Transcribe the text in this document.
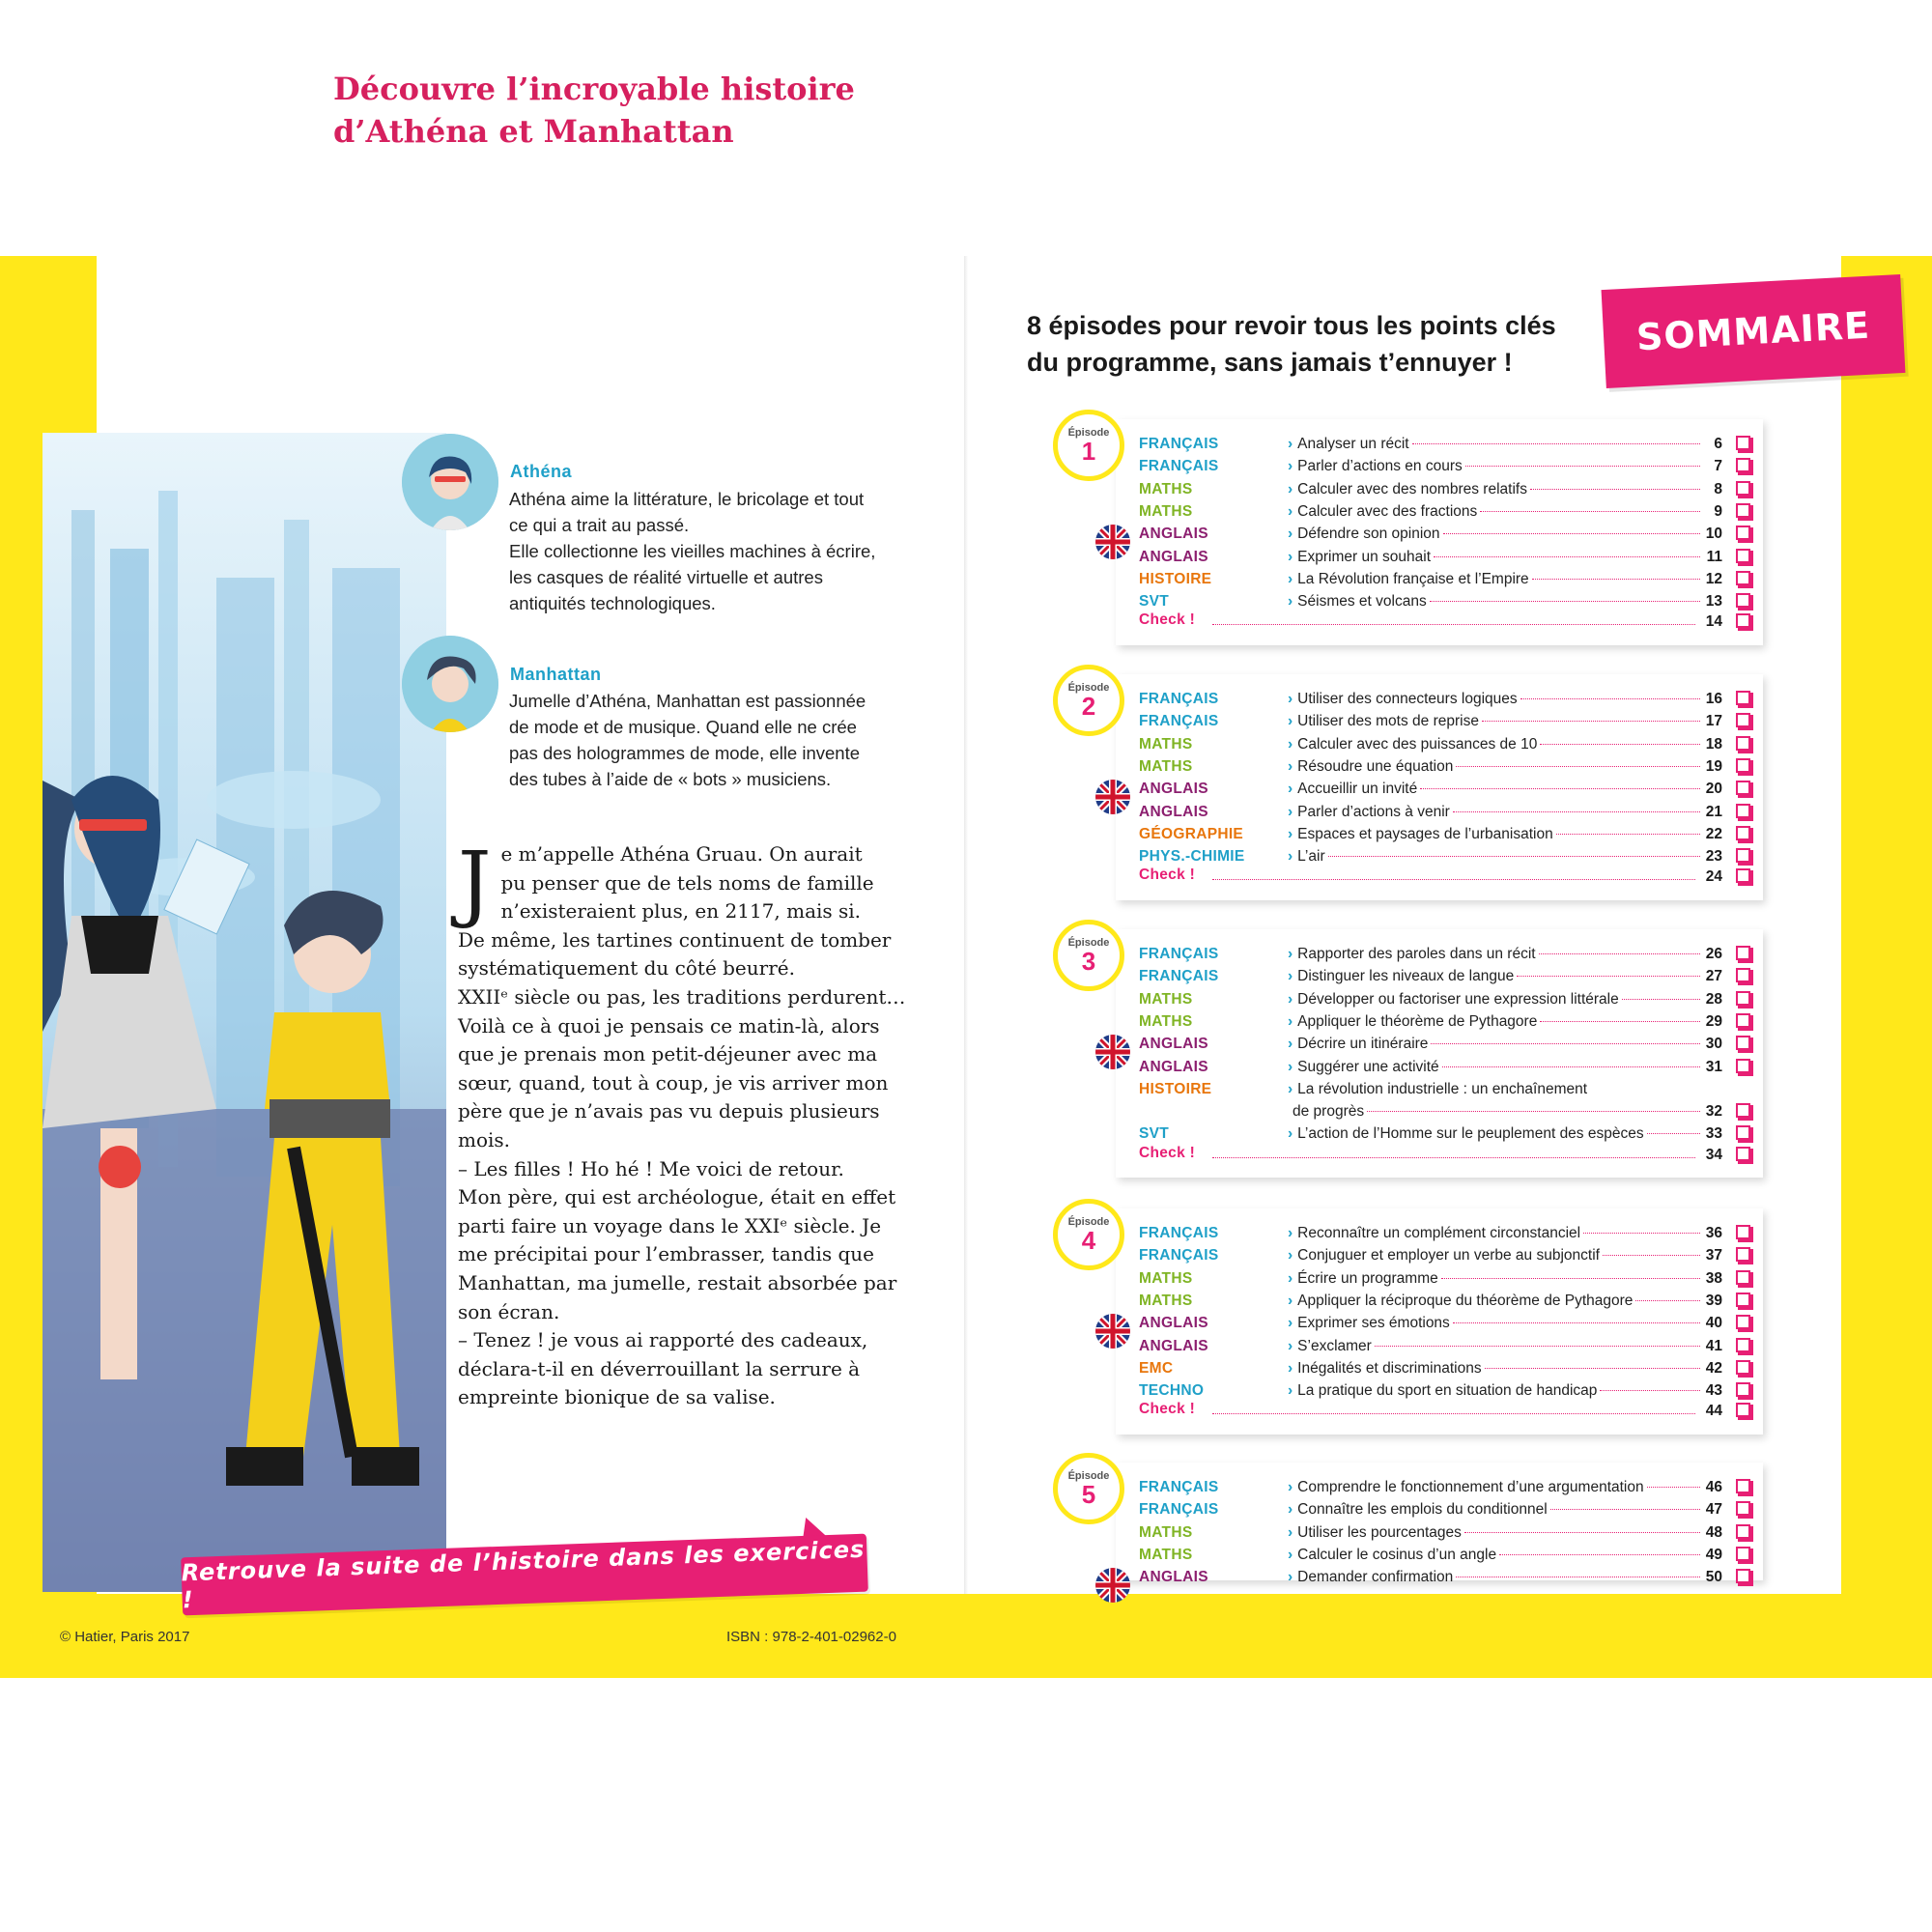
Découvre l’incroyable histoire
d’Athéna et Manhattan
Athéna

Athéna aime la littérature, le bricolage et tout

ce qui a trait au passé.

Elle collectionne les vieilles machines à écrire,

les casques de réalité virtuelle et autres

antiquités technologiques.

Manhattan

Jumelle d’Athéna, Manhattan est passionnée

de mode et de musique. Quand elle ne crée

pas des hologrammes de mode, elle invente

des tubes à l’aide de « bots » musiciens.

J e m’appelle Athéna Gruau. On aurait

pu penser que de tels noms de famille

n’existeraient plus, en 2117, mais si.

De même, les tartines continuent de tomber

systématiquement du côté beurré.

XXIIᵉ siècle ou pas, les traditions perdurent…

Voilà ce à quoi je pensais ce matin-là, alors

que je prenais mon petit-déjeuner avec ma

sœur, quand, tout à coup, je vis arriver mon

père que je n’avais pas vu depuis plusieurs

mois.

– Les filles ! Ho hé ! Me voici de retour.

Mon père, qui est archéologue, était en effet

parti faire un voyage dans le XXIᵉ siècle. Je

me précipitai pour l’embrasser, tandis que

Manhattan, ma jumelle, restait absorbée par

son écran.

– Tenez ! je vous ai rapporté des cadeaux,

déclara-t-il en déverrouillant la serrure à

empreinte bionique de sa valise.

Retrouve la suite de l’histoire dans les exercices !
© Hatier, Paris 2017	ISBN : 978-2-401-02962-0
8 épisodes pour revoir tous les points clés
du programme, sans jamais t’ennuyer !
SOMMAIRE
Épisode
1	FRANÇAIS	› Analyser un récit	6
FRANÇAIS	› Parler d’actions en cours	7
MATHS	› Calculer avec des nombres relatifs	8
MATHS	› Calculer avec des fractions	9
ANGLAIS	› Défendre son opinion	10
ANGLAIS	› Exprimer un souhait	11
HISTOIRE	› La Révolution française et l’Empire	12
SVT	› Séismes et volcans	13
Check !	14
Épisode
2	FRANÇAIS	› Utiliser des connecteurs logiques	16
FRANÇAIS	› Utiliser des mots de reprise	17
MATHS	› Calculer avec des puissances de 10	18
MATHS	› Résoudre une équation	19
ANGLAIS	› Accueillir un invité	20
ANGLAIS	› Parler d’actions à venir	21
GÉOGRAPHIE	› Espaces et paysages de l’urbanisation	22
PHYS.-CHIMIE	› L’air	23
Check !	24
Épisode
3	FRANÇAIS	› Rapporter des paroles dans un récit	26
FRANÇAIS	› Distinguer les niveaux de langue	27
MATHS	› Développer ou factoriser une expression littérale	28
MATHS	› Appliquer le théorème de Pythagore	29
ANGLAIS	› Décrire un itinéraire	30
ANGLAIS	› Suggérer une activité	31
HISTOIRE	› La révolution industrielle : un enchaînement
de progrès	32
SVT	› L’action de l’Homme sur le peuplement des espèces	33
Check !	34
Épisode
4	FRANÇAIS	› Reconnaître un complément circonstanciel	36
FRANÇAIS	› Conjuguer et employer un verbe au subjonctif	37
MATHS	› Écrire un programme	38
MATHS	› Appliquer la réciproque du théorème de Pythagore	39
ANGLAIS	› Exprimer ses émotions	40
ANGLAIS	› S’exclamer	41
EMC	› Inégalités et discriminations	42
TECHNO	› La pratique du sport en situation de handicap	43
Check !	44
Épisode
5	FRANÇAIS	› Comprendre le fonctionnement d’une argumentation	46
FRANÇAIS	› Connaître les emplois du conditionnel	47
MATHS	› Utiliser les pourcentages	48
MATHS	› Calculer le cosinus d’un angle	49
ANGLAIS	› Demander confirmation	50
